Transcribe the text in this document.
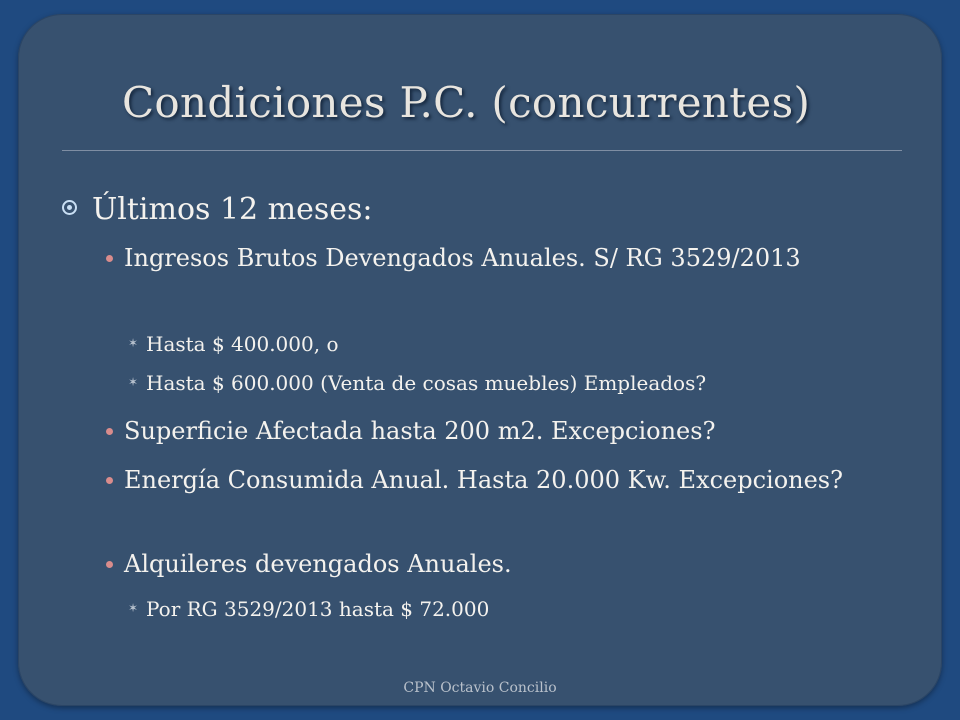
Condiciones P.C. (concurrentes)
Últimos 12 meses:
Ingresos Brutos Devengados Anuales. S/ RG 3529/2013
✶ Hasta $ 400.000, o
✶ Hasta $ 600.000 (Venta de cosas muebles) Empleados?
Superficie Afectada hasta 200 m2. Excepciones?
Energía Consumida Anual. Hasta 20.000 Kw. Excepciones?
Alquileres devengados Anuales.
✶ Por RG 3529/2013 hasta $ 72.000
CPN Octavio Concilio
